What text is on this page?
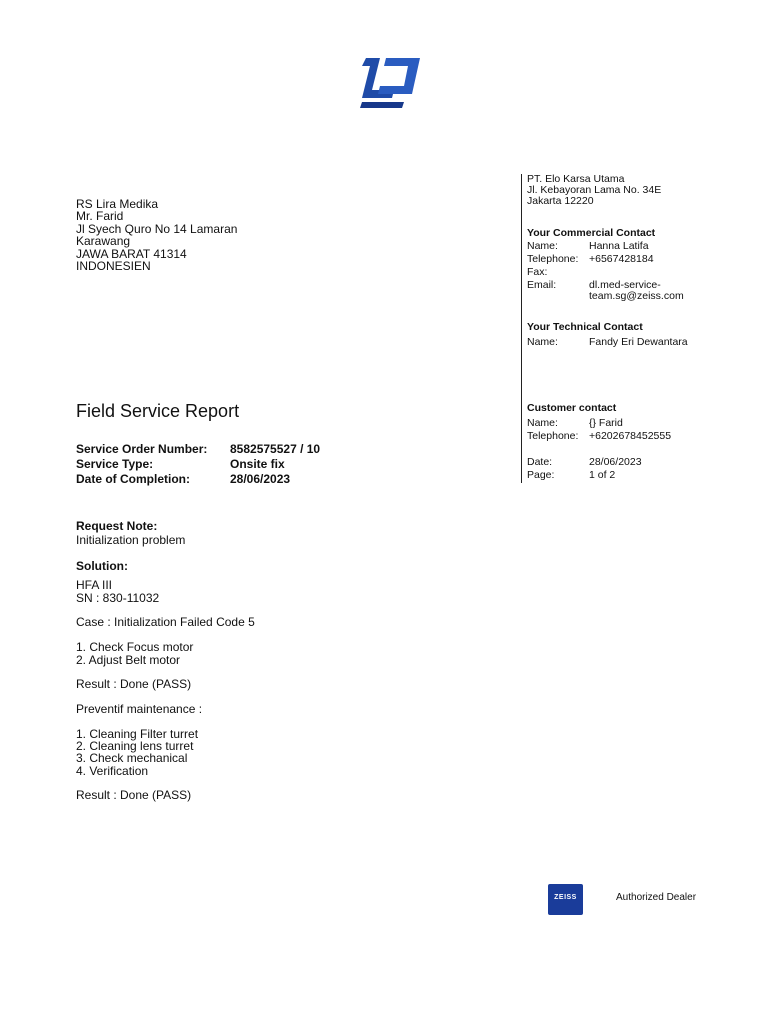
RS Lira Medika
Mr. Farid
Jl Syech Quro No 14 Lamaran
Karawang
JAWA BARAT 41314
INDONESIEN
PT. Elo Karsa Utama
Jl. Kebayoran Lama No. 34E
Jakarta 12220
Your Commercial Contact
Name:	Hanna Latifa
Telephone: +6567428184
Fax:
Email:	dl.med-service-
team.sg@zeiss.com
Your Technical Contact
Name:	Fandy Eri Dewantara
Customer contact
Name:	{} Farid
Telephone: +6202678452555
Date:	28/06/2023
Page:	1 of 2
Field Service Report
Service Order Number: 8582575527 / 10
Service Type:	Onsite fix
Date of Completion:	28/06/2023
Request Note:
Initialization problem
Solution:
HFA III
SN : 830-11032
Case : Initialization Failed Code 5
1. Check Focus motor
2. Adjust Belt motor
Result : Done (PASS)
Preventif maintenance :
1. Cleaning Filter turret
2. Cleaning lens turret
3. Check mechanical
4. Verification
Result : Done (PASS)
ZEISS	Authorized Dealer
